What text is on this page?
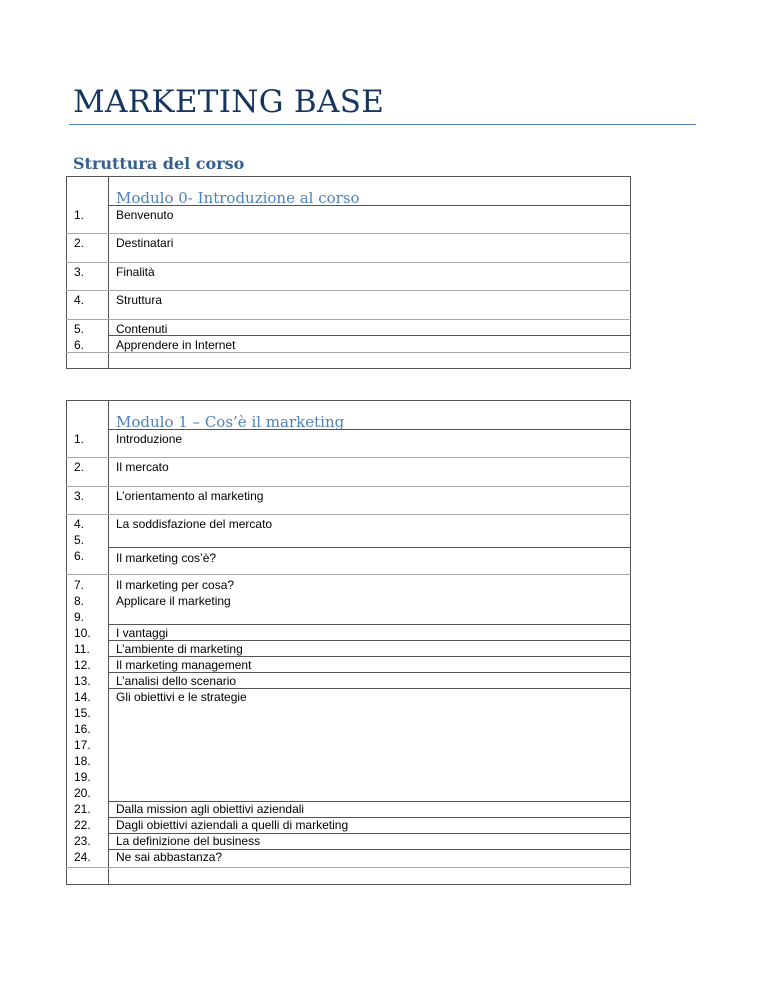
MARKETING BASE
Struttura del corso
Modulo 0- Introduzione al corso
1.	Benvenuto
2.	Destinatari
3.	Finalità
4.	Struttura
5.	Contenuti
6.	Apprendere in Internet
Modulo 1 – Cos’è il marketing
1.	Introduzione
2.	Il mercato
3.	L’orientamento al marketing
4.	La soddisfazione del mercato
5.
6.	Il marketing cos’è?
7.	Il marketing per cosa?
8.	Applicare il marketing
9.
10. I vantaggi
11. L’ambiente di marketing
12. Il marketing management
13. L’analisi dello scenario
14. Gli obiettivi e le strategie
15.
16.
17.
18.
19.
20.
21. Dalla mission agli obiettivi aziendali
22. Dagli obiettivi aziendali a quelli di marketing
23. La definizione del business
24. Ne sai abbastanza?
